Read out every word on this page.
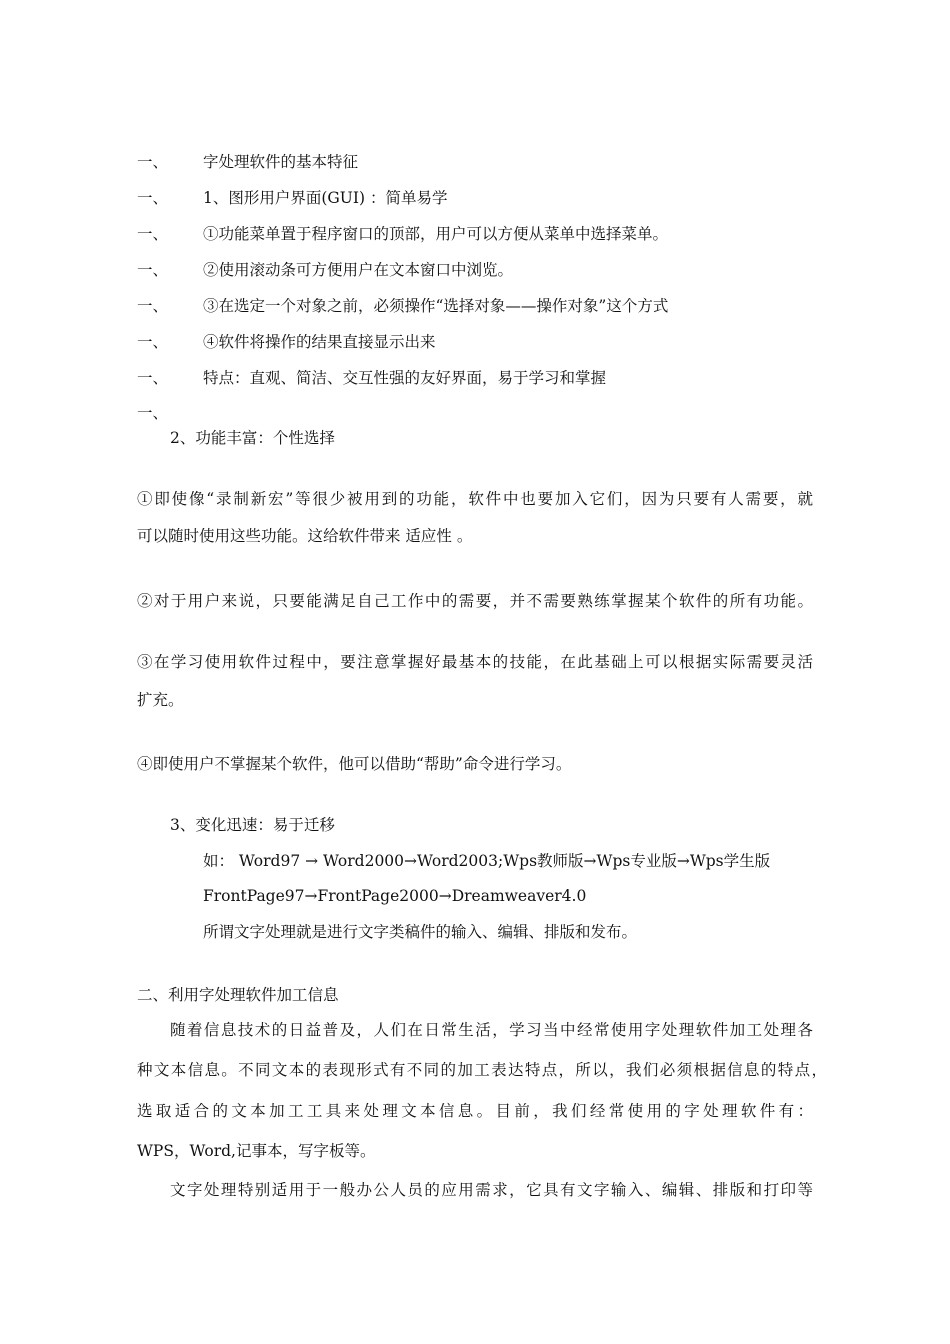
一、 字处理软件的基本特征
一、 1、图形用户界面(GUI) ：简单易学
一、 ①功能菜单置于程序窗口的顶部，用户可以方便从菜单中选择菜单。
一、 ②使用滚动条可方便用户在文本窗口中浏览。
一、 ③在选定一个对象之前，必须操作“选择对象——操作对象”这个方式
一、 ④软件将操作的结果直接显示出来
一、 特点：直观、简洁、交互性强的友好界面，易于学习和掌握
一、
2、功能丰富：个性选择
①即使像“录制新宏”等很少被用到的功能，软件中也要加入它们，因为只要有人需要，就
可以随时使用这些功能。这给软件带来 适应性 。
②对于用户来说，只要能满足自己工作中的需要，并不需要熟练掌握某个软件的所有功能。
③在学习使用软件过程中，要注意掌握好最基本的技能，在此基础上可以根据实际需要灵活
扩充。
④即使用户不掌握某个软件，他可以借助“帮助”命令进行学习。
3、变化迅速：易于迁移
如： Word97 → Word2000→Word2003;Wps教师版→Wps专业版→Wps学生版
FrontPage97→FrontPage2000→Dreamweaver4.0
所谓文字处理就是进行文字类稿件的输入、编辑、排版和发布。
二、利用字处理软件加工信息
随着信息技术的日益普及，人们在日常生活，学习当中经常使用字处理软件加工处理各
种文本信息。不同文本的表现形式有不同的加工表达特点，所以，我们必须根据信息的特点，
选取适合的文本加工工具来处理文本信息。目前，我们经常使用的字处理软件有：
WPS，Word,记事本，写字板等。
文字处理特别适用于一般办公人员的应用需求，它具有文字输入、编辑、排版和打印等
